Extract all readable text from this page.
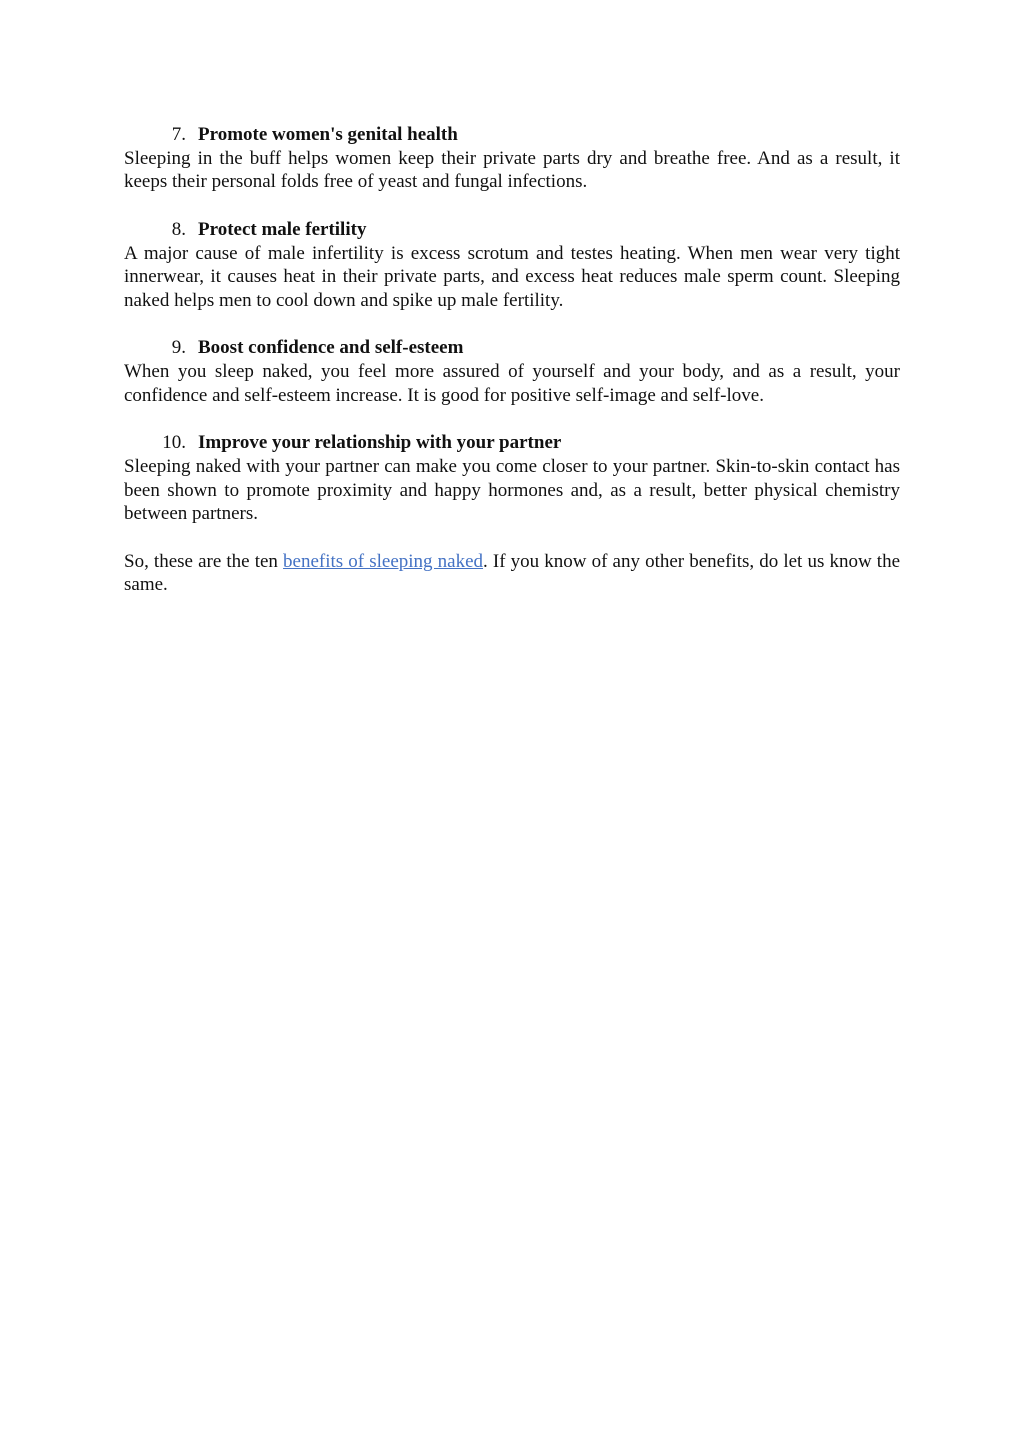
7. Promote women's genital health

Sleeping in the buff helps women keep their private parts dry and breathe free. And as a result, it keeps their personal folds free of yeast and fungal infections.

8. Protect male fertility

A major cause of male infertility is excess scrotum and testes heating. When men wear very tight innerwear, it causes heat in their private parts, and excess heat reduces male sperm count. Sleeping naked helps men to cool down and spike up male fertility.

9. Boost confidence and self-esteem

When you sleep naked, you feel more assured of yourself and your body, and as a result, your confidence and self-esteem increase. It is good for positive self-image and self-love.

10. Improve your relationship with your partner

Sleeping naked with your partner can make you come closer to your partner. Skin-to-skin contact has been shown to promote proximity and happy hormones and, as a result, better physical chemistry between partners.

So, these are the ten benefits of sleeping naked. If you know of any other benefits, do let us know the same.
